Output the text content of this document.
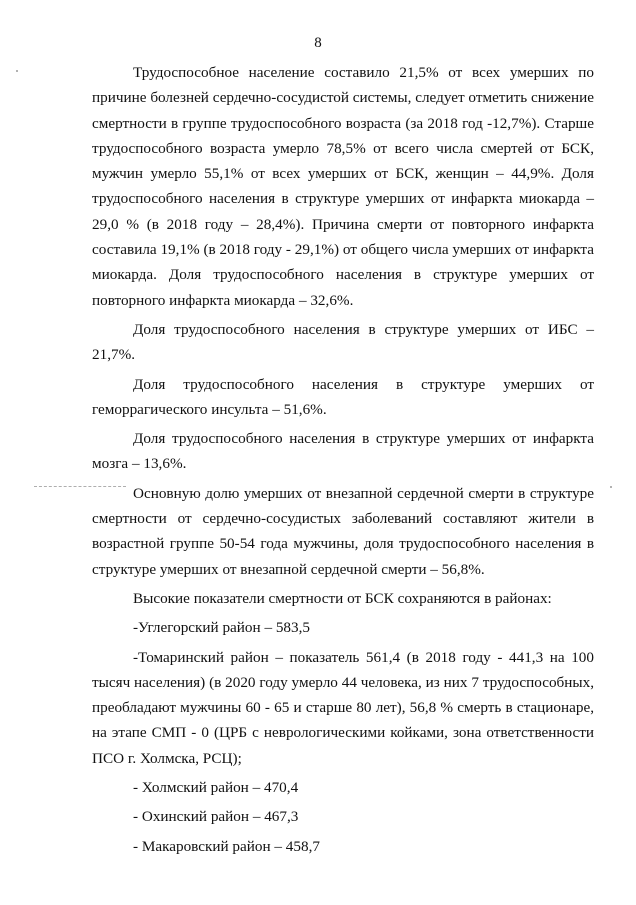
8

Трудоспособное население составило 21,5% от всех умерших по причине болезней сердечно-сосудистой системы, следует отметить снижение смертности в группе трудоспособного возраста (за 2018 год -12,7%). Старше трудоспособного возраста умерло 78,5% от всего числа смертей от БСК, мужчин умерло 55,1% от всех умерших от БСК, женщин – 44,9%. Доля трудоспособного населения в структуре умерших от инфаркта миокарда – 29,0 % (в 2018 году – 28,4%). Причина смерти от повторного инфаркта составила 19,1% (в 2018 году - 29,1%) от общего числа умерших от инфаркта миокарда. Доля трудоспособного населения в структуре умерших от повторного инфаркта миокарда – 32,6%.

Доля трудоспособного населения в структуре умерших от ИБС – 21,7%.

Доля трудоспособного населения в структуре умерших от геморрагического инсульта – 51,6%.

Доля трудоспособного населения в структуре умерших от инфаркта мозга – 13,6%.

Основную долю умерших от внезапной сердечной смерти в структуре смертности от сердечно-сосудистых заболеваний составляют жители в возрастной группе 50-54 года мужчины, доля трудоспособного населения в структуре умерших от внезапной сердечной смерти – 56,8%.

Высокие показатели смертности от БСК сохраняются в районах:

-Углегорский район – 583,5

-Томаринский район – показатель 561,4 (в 2018 году - 441,3 на 100 тысяч населения) (в 2020 году умерло 44 человека, из них 7 трудоспособных, преобладают мужчины 60 - 65 и старше 80 лет), 56,8 % смерть в стационаре, на этапе СМП - 0 (ЦРБ с неврологическими койками, зона ответственности ПСО г. Холмска, РСЦ);

- Холмский район – 470,4

- Охинский район – 467,3

- Макаровский район – 458,7
